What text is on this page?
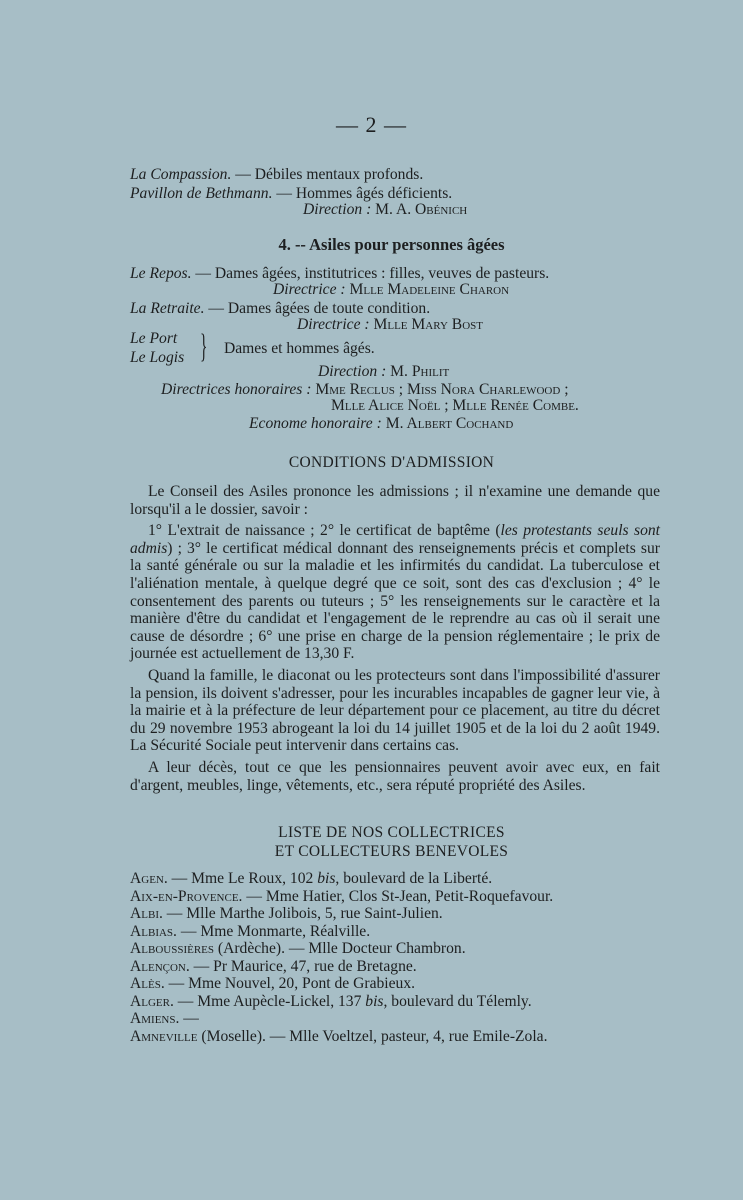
— 2 —
La Compassion. — Débiles mentaux profonds.
Pavillon de Bethmann. — Hommes âgés déficients.
Direction : M. A. Obénich
4. -- Asiles pour personnes âgées
Le Repos. — Dames âgées, institutrices : filles, veuves de pasteurs.
Directrice : Mlle Madeleine Charon
La Retraite. — Dames âgées de toute condition.
Directrice : Mlle Mary Bost
Le Port
Le Logis } Dames et hommes âgés.
Direction : M. Philit
Directrices honoraires : Mme Reclus ; Miss Nora Charlewood ;
Mlle Alice Noël ; Mlle Renée Combe.
Econome honoraire : M. Albert Cochand
CONDITIONS D'ADMISSION

Le Conseil des Asiles prononce les admissions ; il n'examine une demande que lorsqu'il a le dossier, savoir :

1° L'extrait de naissance ; 2° le certificat de baptême (les protestants seuls sont admis) ; 3° le certificat médical donnant des renseignements précis et complets sur la santé générale ou sur la maladie et les infirmités du candidat. La tuberculose et l'aliénation mentale, à quelque degré que ce soit, sont des cas d'exclusion ; 4° le consentement des parents ou tuteurs ; 5° les renseignements sur le caractère et la manière d'être du candidat et l'engagement de le reprendre au cas où il serait une cause de désordre ; 6° une prise en charge de la pension réglementaire ; le prix de journée est actuellement de 13,30 F.

Quand la famille, le diaconat ou les protecteurs sont dans l'impossibilité d'assurer la pension, ils doivent s'adresser, pour les incurables incapables de gagner leur vie, à la mairie et à la préfecture de leur département pour ce placement, au titre du décret du 29 novembre 1953 abrogeant la loi du 14 juillet 1905 et de la loi du 2 août 1949. La Sécurité Sociale peut intervenir dans certains cas.

A leur décès, tout ce que les pensionnaires peuvent avoir avec eux, en fait d'argent, meubles, linge, vêtements, etc., sera réputé propriété des Asiles.

LISTE DE NOS COLLECTRICES
ET COLLECTEURS BENEVOLES
Agen. — Mme Le Roux, 102 bis, boulevard de la Liberté.
Aix-en-Provence. — Mme Hatier, Clos St-Jean, Petit-Roquefavour.
Albi. — Mlle Marthe Jolibois, 5, rue Saint-Julien.
Albias. — Mme Monmarte, Réalville.
Alboussières (Ardèche). — Mlle Docteur Chambron.
Alençon. — Pr Maurice, 47, rue de Bretagne.
Alès. — Mme Nouvel, 20, Pont de Grabieux.
Alger. — Mme Aupècle-Lickel, 137 bis, boulevard du Télemly.
Amiens. —
Amneville (Moselle). — Mlle Voeltzel, pasteur, 4, rue Emile-Zola.
